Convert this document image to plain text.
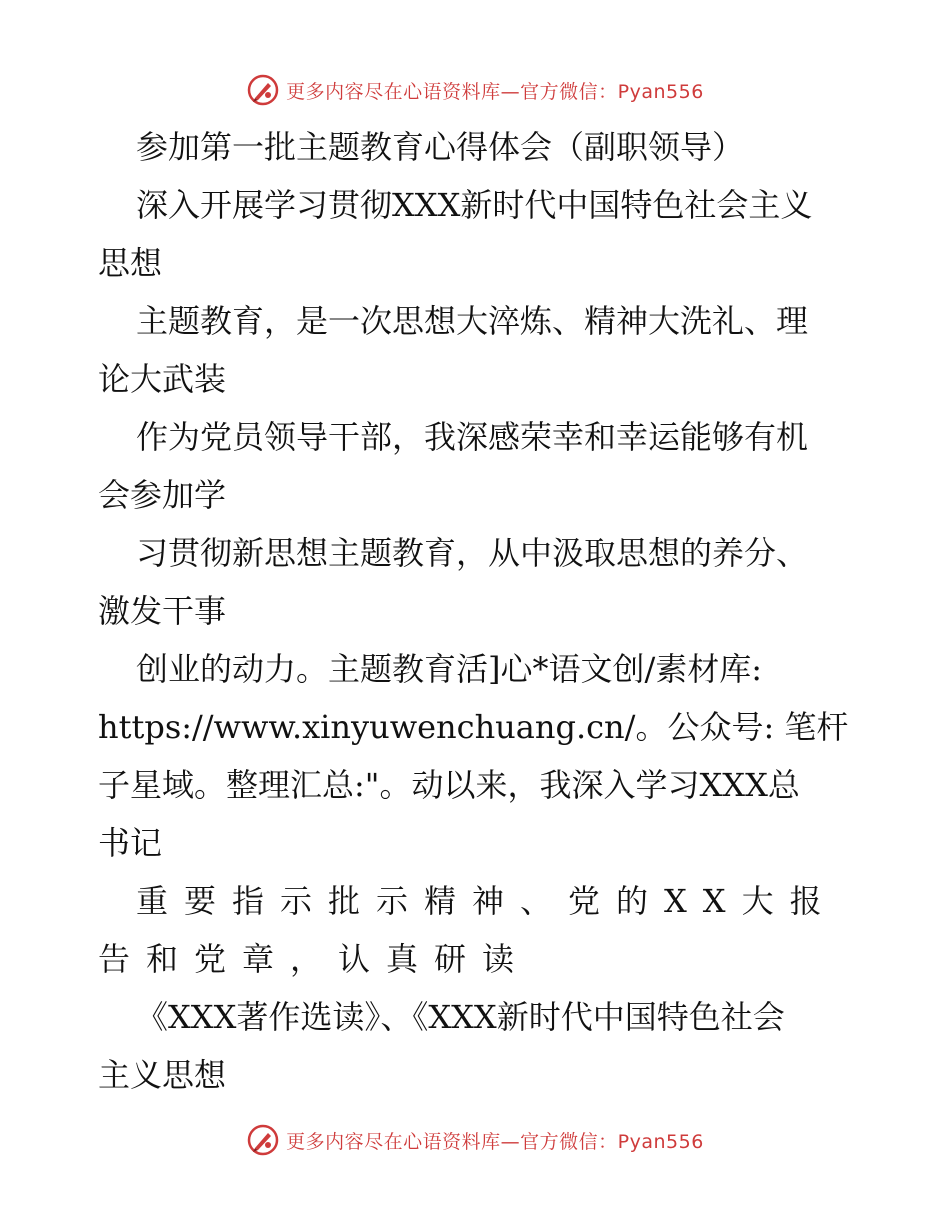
更多内容尽在心语资料库—官方微信：Pyan556
参加第一批主题教育心得体会（副职领导）
深入开展学习贯彻XXX新时代中国特色社会主义
思想
主题教育，是一次思想大淬炼、精神大洗礼、理
论大武装
作为党员领导干部，我深感荣幸和幸运能够有机
会参加学
习贯彻新思想主题教育，从中汲取思想的养分、
激发干事
创业的动力。主题教育活]心*语文创/素材库:
https://www.xinyuwenchuang.cn/。公众号: 笔杆
子星域。整理汇总:"。动以来，我深入学习XXX总
书记
重要指示批示精神、党的XX大报
告和党章，认真研读
《XXX著作选读》、《XXX新时代中国特色社会
主义思想
更多内容尽在心语资料库—官方微信：Pyan556
